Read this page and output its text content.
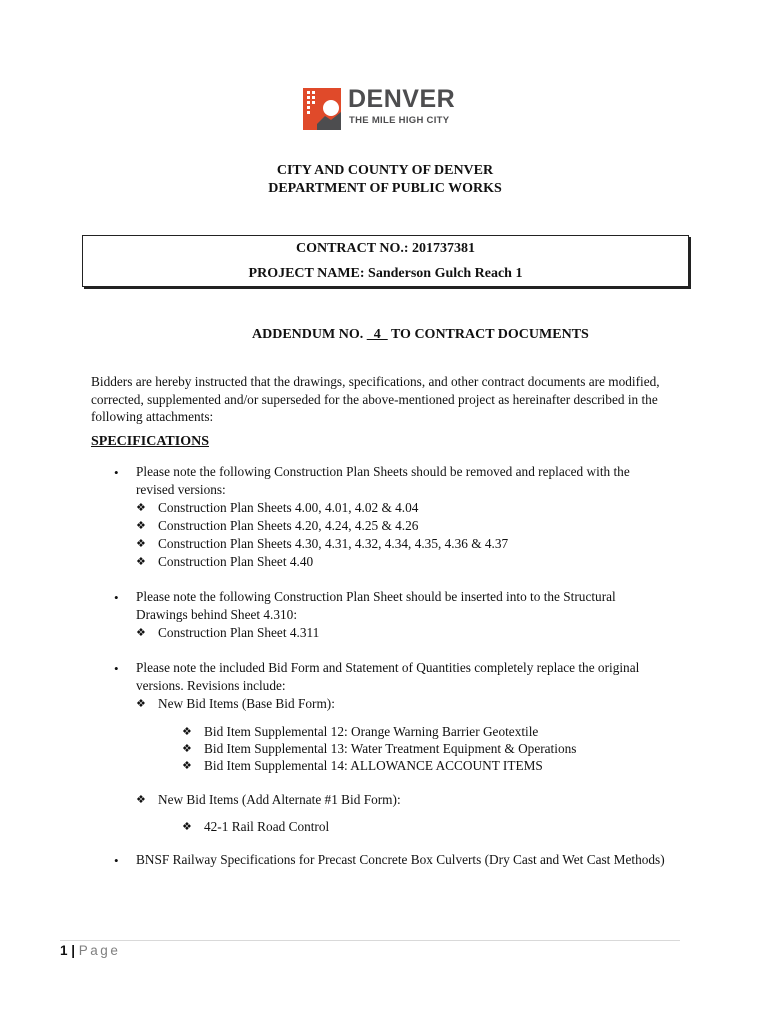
DENVER
THE MILE HIGH CITY
CITY AND COUNTY OF DENVER
DEPARTMENT OF PUBLIC WORKS
CONTRACT NO.: 201737381
PROJECT NAME: Sanderson Gulch Reach 1
ADDENDUM NO.   4   TO CONTRACT DOCUMENTS
Bidders are hereby instructed that the drawings, specifications, and other contract documents are modified, corrected, supplemented and/or superseded for the above-mentioned project as hereinafter described in the following attachments:
SPECIFICATIONS
• Please note the following Construction Plan Sheets should be removed and replaced with the
revised versions:
❖ Construction Plan Sheets 4.00, 4.01, 4.02 & 4.04
❖ Construction Plan Sheets 4.20, 4.24, 4.25 & 4.26
❖ Construction Plan Sheets 4.30, 4.31, 4.32, 4.34, 4.35, 4.36 & 4.37
❖ Construction Plan Sheet 4.40
• Please note the following Construction Plan Sheet should be inserted into to the Structural
Drawings behind Sheet 4.310:
❖ Construction Plan Sheet 4.311
• Please note the included Bid Form and Statement of Quantities completely replace the original
versions. Revisions include:
❖ New Bid Items (Base Bid Form):
❖ Bid Item Supplemental 12: Orange Warning Barrier Geotextile
❖ Bid Item Supplemental 13: Water Treatment Equipment & Operations
❖ Bid Item Supplemental 14: ALLOWANCE ACCOUNT ITEMS
❖ New Bid Items (Add Alternate #1 Bid Form):
❖ 42-1 Rail Road Control
• BNSF Railway Specifications for Precast Concrete Box Culverts (Dry Cast and Wet Cast Methods)
1 | Page
